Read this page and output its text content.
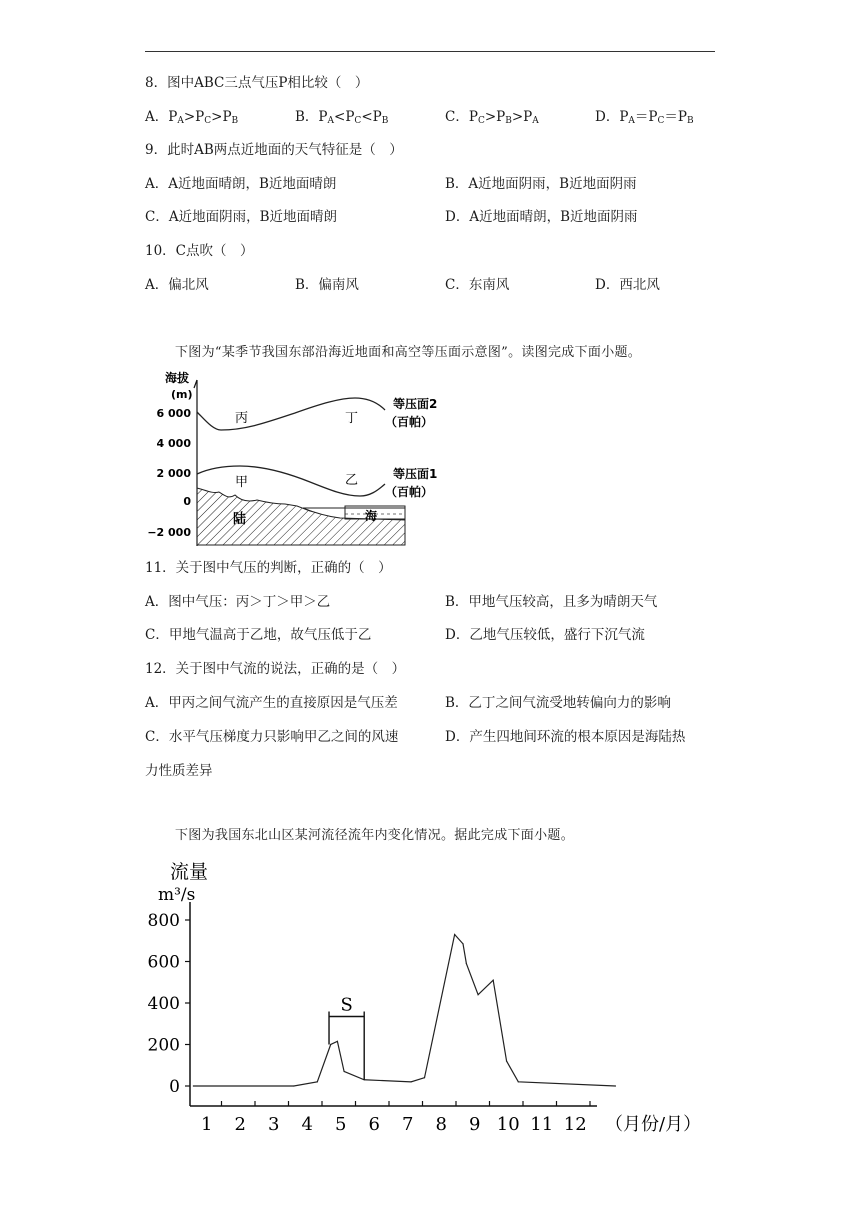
8．图中ABC三点气压P相比较（　）
A．$P_A>P_C>P_B$	B．$P_A<P_C<P_B$	C．$P_C>P_B>P_A$	D．$P_A=P_C=P_B$
9．此时AB两点近地面的天气特征是（　）
A．A近地面晴朗，B近地面晴朗	B．A近地面阴雨，B近地面阴雨
C．A近地面阴雨，B近地面晴朗	D．A近地面晴朗，B近地面阴雨
10．C点吹（　）
A．偏北风	B．偏南风	C．东南风	D．西北风
下图为“某季节我国东部沿海近地面和高空等压面示意图”。读图完成下面小题。
海拔
(m)
6 000
4 000
2 000
0
−2 000
丙	丁
甲	乙
陆	海
等压面2
（百帕）
等压面1
（百帕）
11．关于图中气压的判断，正确的（　）
A．图中气压：丙＞丁＞甲＞乙	B．甲地气压较高，且多为晴朗天气
C．甲地气温高于乙地，故气压低于乙	D．乙地气压较低，盛行下沉气流
12．关于图中气流的说法，正确的是（　）
A．甲丙之间气流产生的直接原因是气压差	B．乙丁之间气流受地转偏向力的影响
C．水平气压梯度力只影响甲乙之间的风速	D．产生四地间环流的根本原因是海陆热
力性质差异
下图为我国东北山区某河流径流年内变化情况。据此完成下面小题。
流量
m³/s
0
200
400
600
800
1 2 3 4 5 6 7 8 9 10 11 12
S
（月份/月）
